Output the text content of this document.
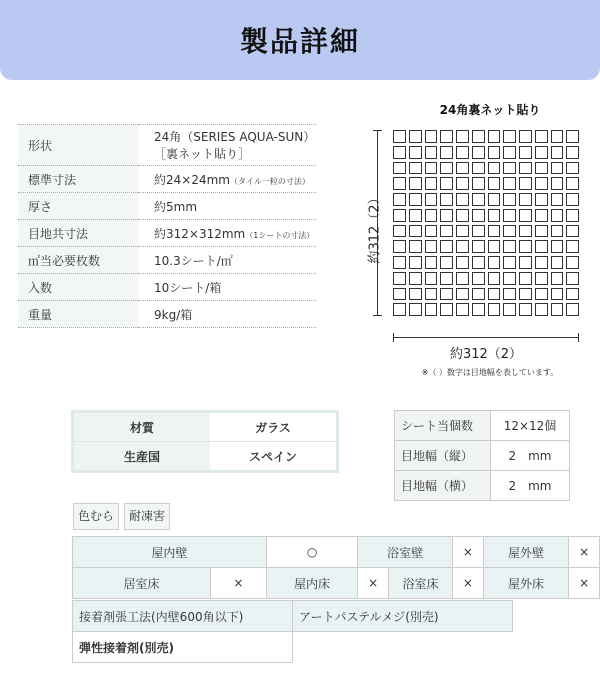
製品詳細
形状	24角（SERIES AQUA-SUN）［裏ネット貼り］
標準寸法	約24×24mm（タイル一粒の寸法）
厚さ	約5mm
目地共寸法	約312×312mm（1シートの寸法）
㎡当必要枚数	10.3シート/㎡
入数	10シート/箱
重量	9kg/箱
24角裏ネット貼り
約312（2）
約312（2）
※（ ）数字は目地幅を表しています。
材質	ガラス
生産国	スペイン
シート当個数	12×12個
目地幅（縦）	2　mm
目地幅（横）	2　mm
色むら	耐凍害
屋内壁		○	浴室壁		×	屋外壁	×
居室床	×	屋内床	×	浴室床	×	屋外床	×
接着剤張工法(内壁600角以下)	アートパステルメジ(別売)
弾性接着剤(別売)	
